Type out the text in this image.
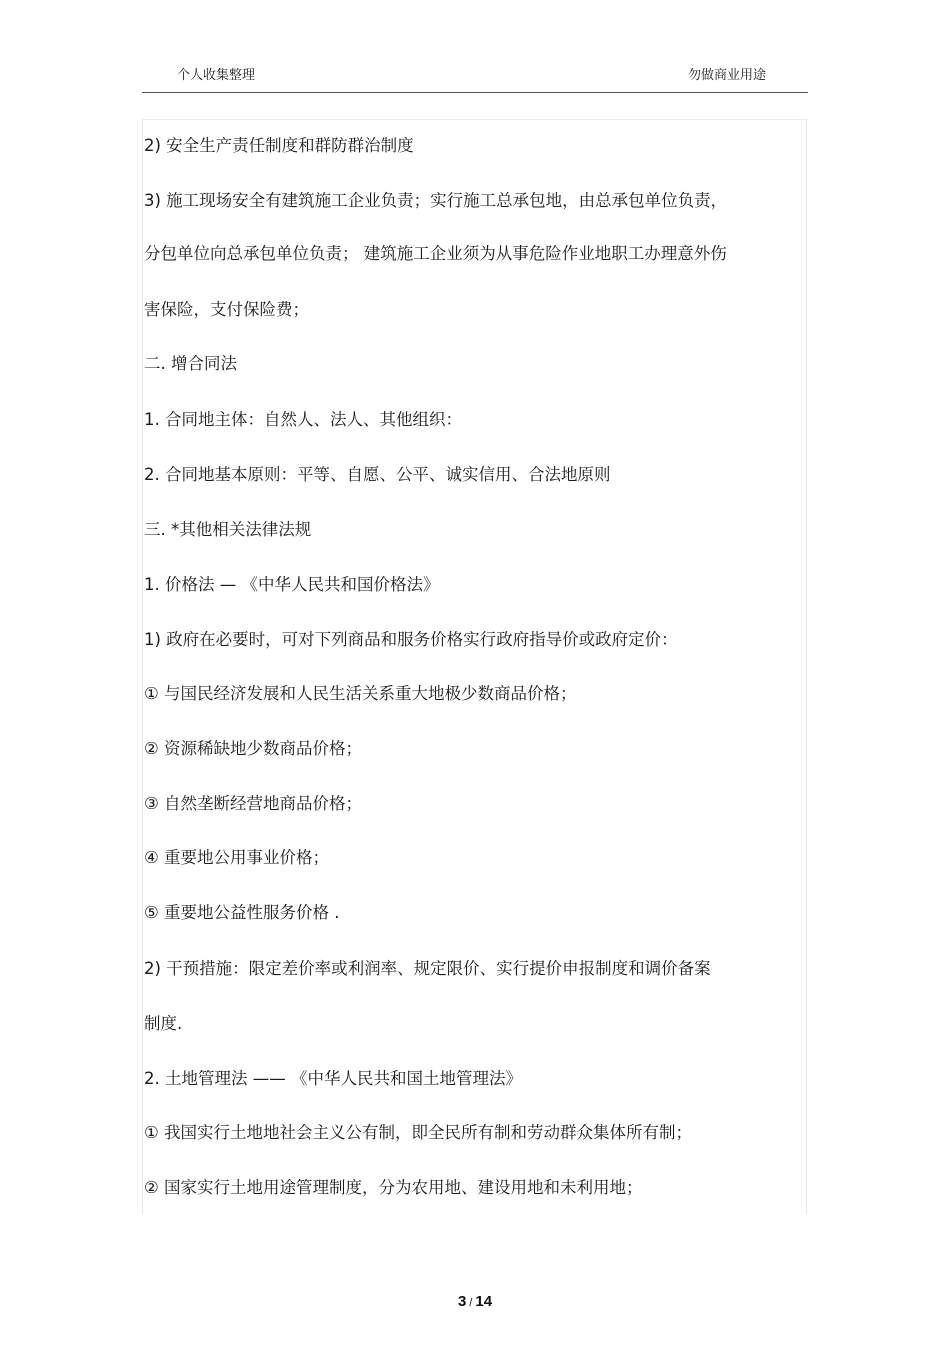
个人收集整理	勿做商业用途
2) 安全生产责任制度和群防群治制度
3) 施工现场安全有建筑施工企业负责；实行施工总承包地，由总承包单位负责，
分包单位向总承包单位负责； 建筑施工企业须为从事危险作业地职工办理意外伤
害保险，支付保险费；
二. 增合同法
1. 合同地主体：自然人、法人、其他组织：
2. 合同地基本原则：平等、自愿、公平、诚实信用、合法地原则
三. *其他相关法律法规
1. 价格法 — 《中华人民共和国价格法》
1) 政府在必要时，可对下列商品和服务价格实行政府指导价或政府定价：
① 与国民经济发展和人民生活关系重大地极少数商品价格；
② 资源稀缺地少数商品价格；
③ 自然垄断经营地商品价格；
④ 重要地公用事业价格；
⑤ 重要地公益性服务价格 .
2) 干预措施：限定差价率或利润率、规定限价、实行提价申报制度和调价备案
制度.
2. 土地管理法 —— 《中华人民共和国土地管理法》
① 我国实行土地地社会主义公有制，即全民所有制和劳动群众集体所有制；
② 国家实行土地用途管理制度，分为农用地、建设用地和未利用地；
3 / 14
